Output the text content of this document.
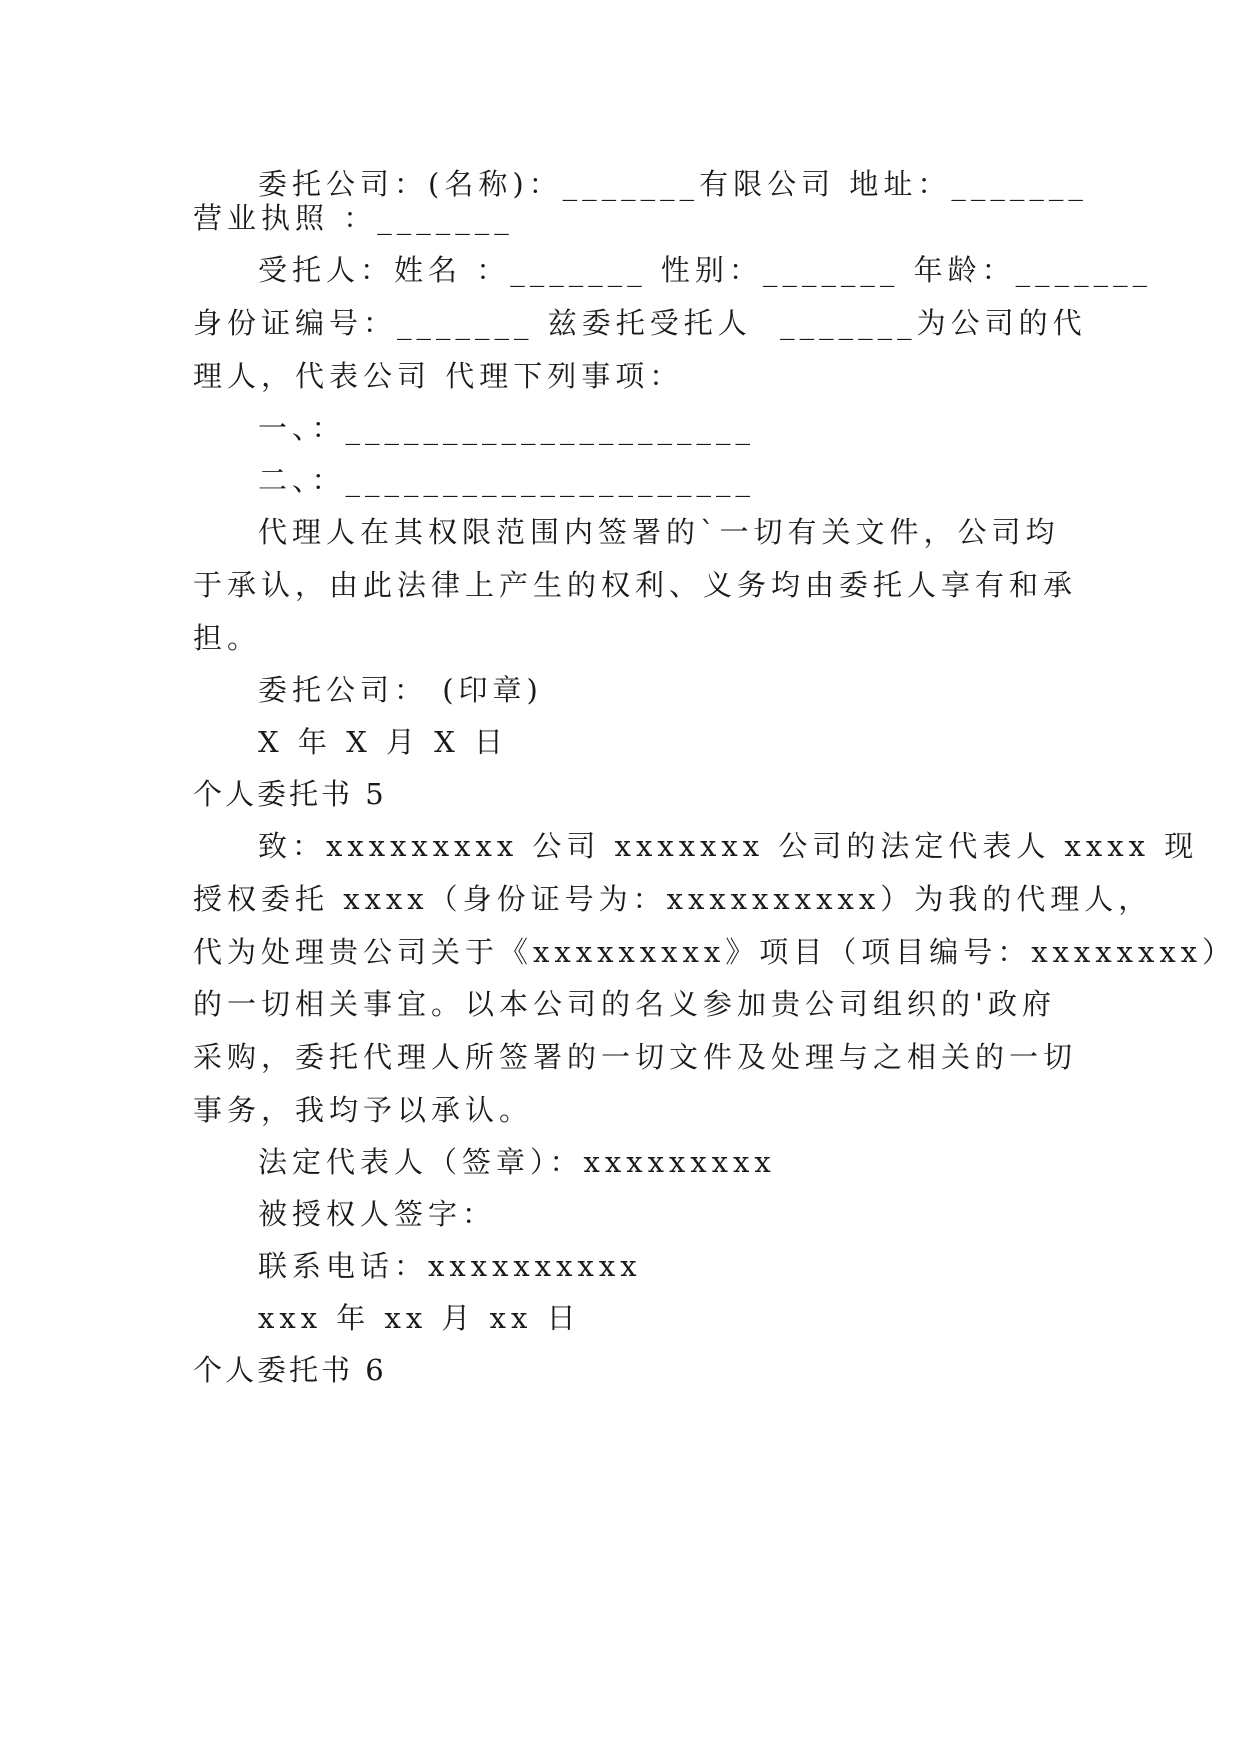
委托公司：(名称)：_______有限公司 地址：_______
营业执照 ：_______
受托人：姓名 ：_______ 性别：_______ 年龄：_______
身份证编号：_______ 兹委托受托人  _______为公司的代
理人，代表公司 代理下列事项：
一、：_____________________
二、：_____________________
代理人在其权限范围内签署的`一切有关文件，公司均
于承认，由此法律上产生的权利、义务均由委托人享有和承
担。
委托公司： (印章)
X 年 X 月 X 日
个人委托书 5
致：xxxxxxxxx 公司 xxxxxxx 公司的法定代表人 xxxx 现
授权委托 xxxx（身份证号为：xxxxxxxxxx）为我的代理人，
代为处理贵公司关于《xxxxxxxxx》项目（项目编号：xxxxxxxx）
的一切相关事宜。以本公司的名义参加贵公司组织的'政府
采购，委托代理人所签署的一切文件及处理与之相关的一切
事务，我均予以承认。
法定代表人（签章）：xxxxxxxxx
被授权人签字：
联系电话：xxxxxxxxxx
xxx 年 xx 月 xx 日
个人委托书 6
